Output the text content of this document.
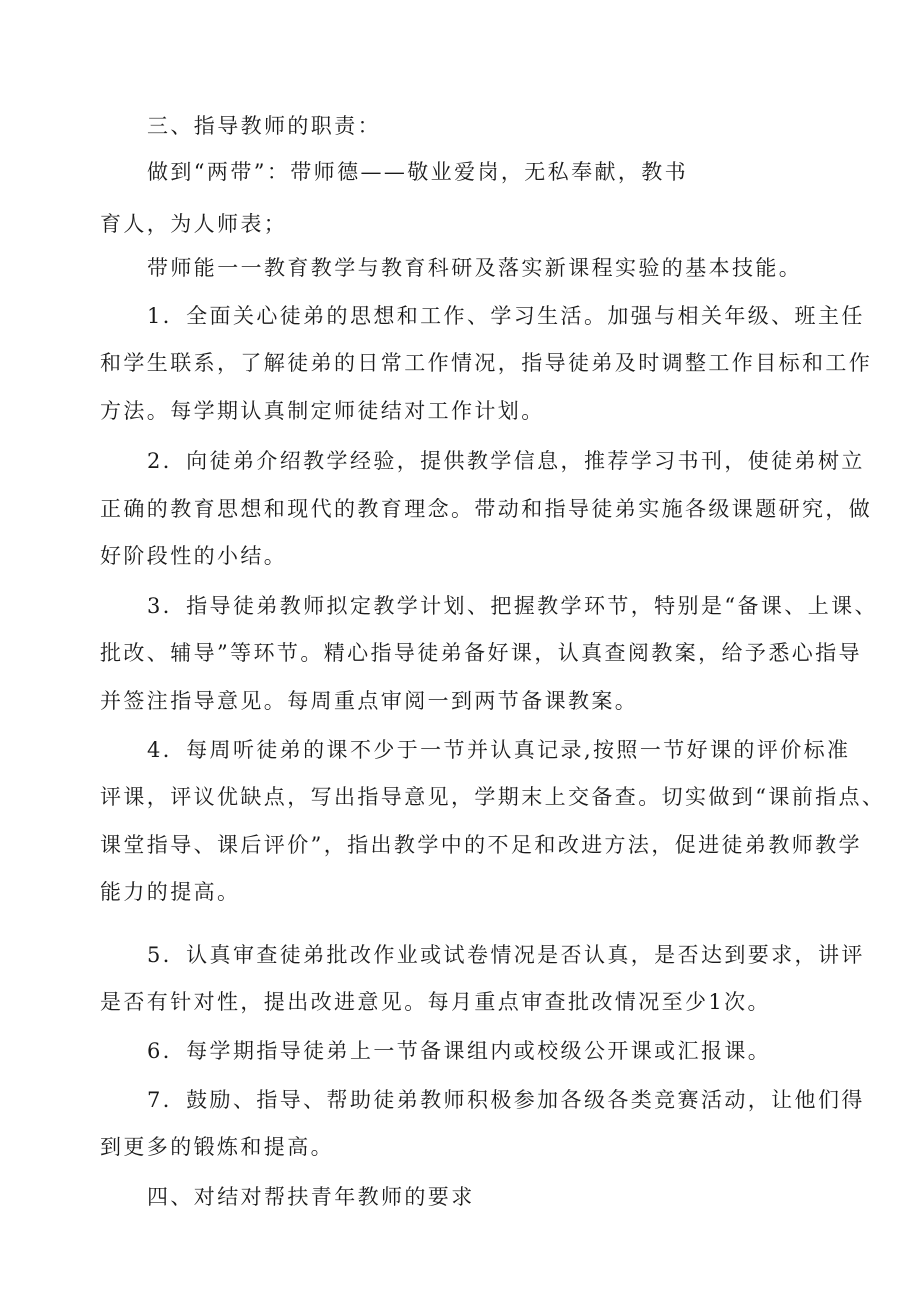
三、指导教师的职责：
做到“两带”：带师德——敬业爱岗，无私奉献，教书
育人，为人师表；
带师能一一教育教学与教育科研及落实新课程实验的基本技能。
1．全面关心徒弟的思想和工作、学习生活。加强与相关年级、班主任
和学生联系，了解徒弟的日常工作情况，指导徒弟及时调整工作目标和工作
方法。每学期认真制定师徒结对工作计划。
2．向徒弟介绍教学经验，提供教学信息，推荐学习书刊，使徒弟树立
正确的教育思想和现代的教育理念。带动和指导徒弟实施各级课题研究，做
好阶段性的小结。
3．指导徒弟教师拟定教学计划、把握教学环节，特别是“备课、上课、
批改、辅导”等环节。精心指导徒弟备好课，认真查阅教案，给予悉心指导
并签注指导意见。每周重点审阅一到两节备课教案。
4．每周听徒弟的课不少于一节并认真记录,按照一节好课的评价标准
评课，评议优缺点，写出指导意见，学期末上交备查。切实做到“课前指点、
课堂指导、课后评价”，指出教学中的不足和改进方法，促进徒弟教师教学
能力的提高。
5．认真审查徒弟批改作业或试卷情况是否认真，是否达到要求，讲评
是否有针对性，提出改进意见。每月重点审查批改情况至少1次。
6．每学期指导徒弟上一节备课组内或校级公开课或汇报课。
7．鼓励、指导、帮助徒弟教师积极参加各级各类竞赛活动，让他们得
到更多的锻炼和提高。
四、对结对帮扶青年教师的要求
